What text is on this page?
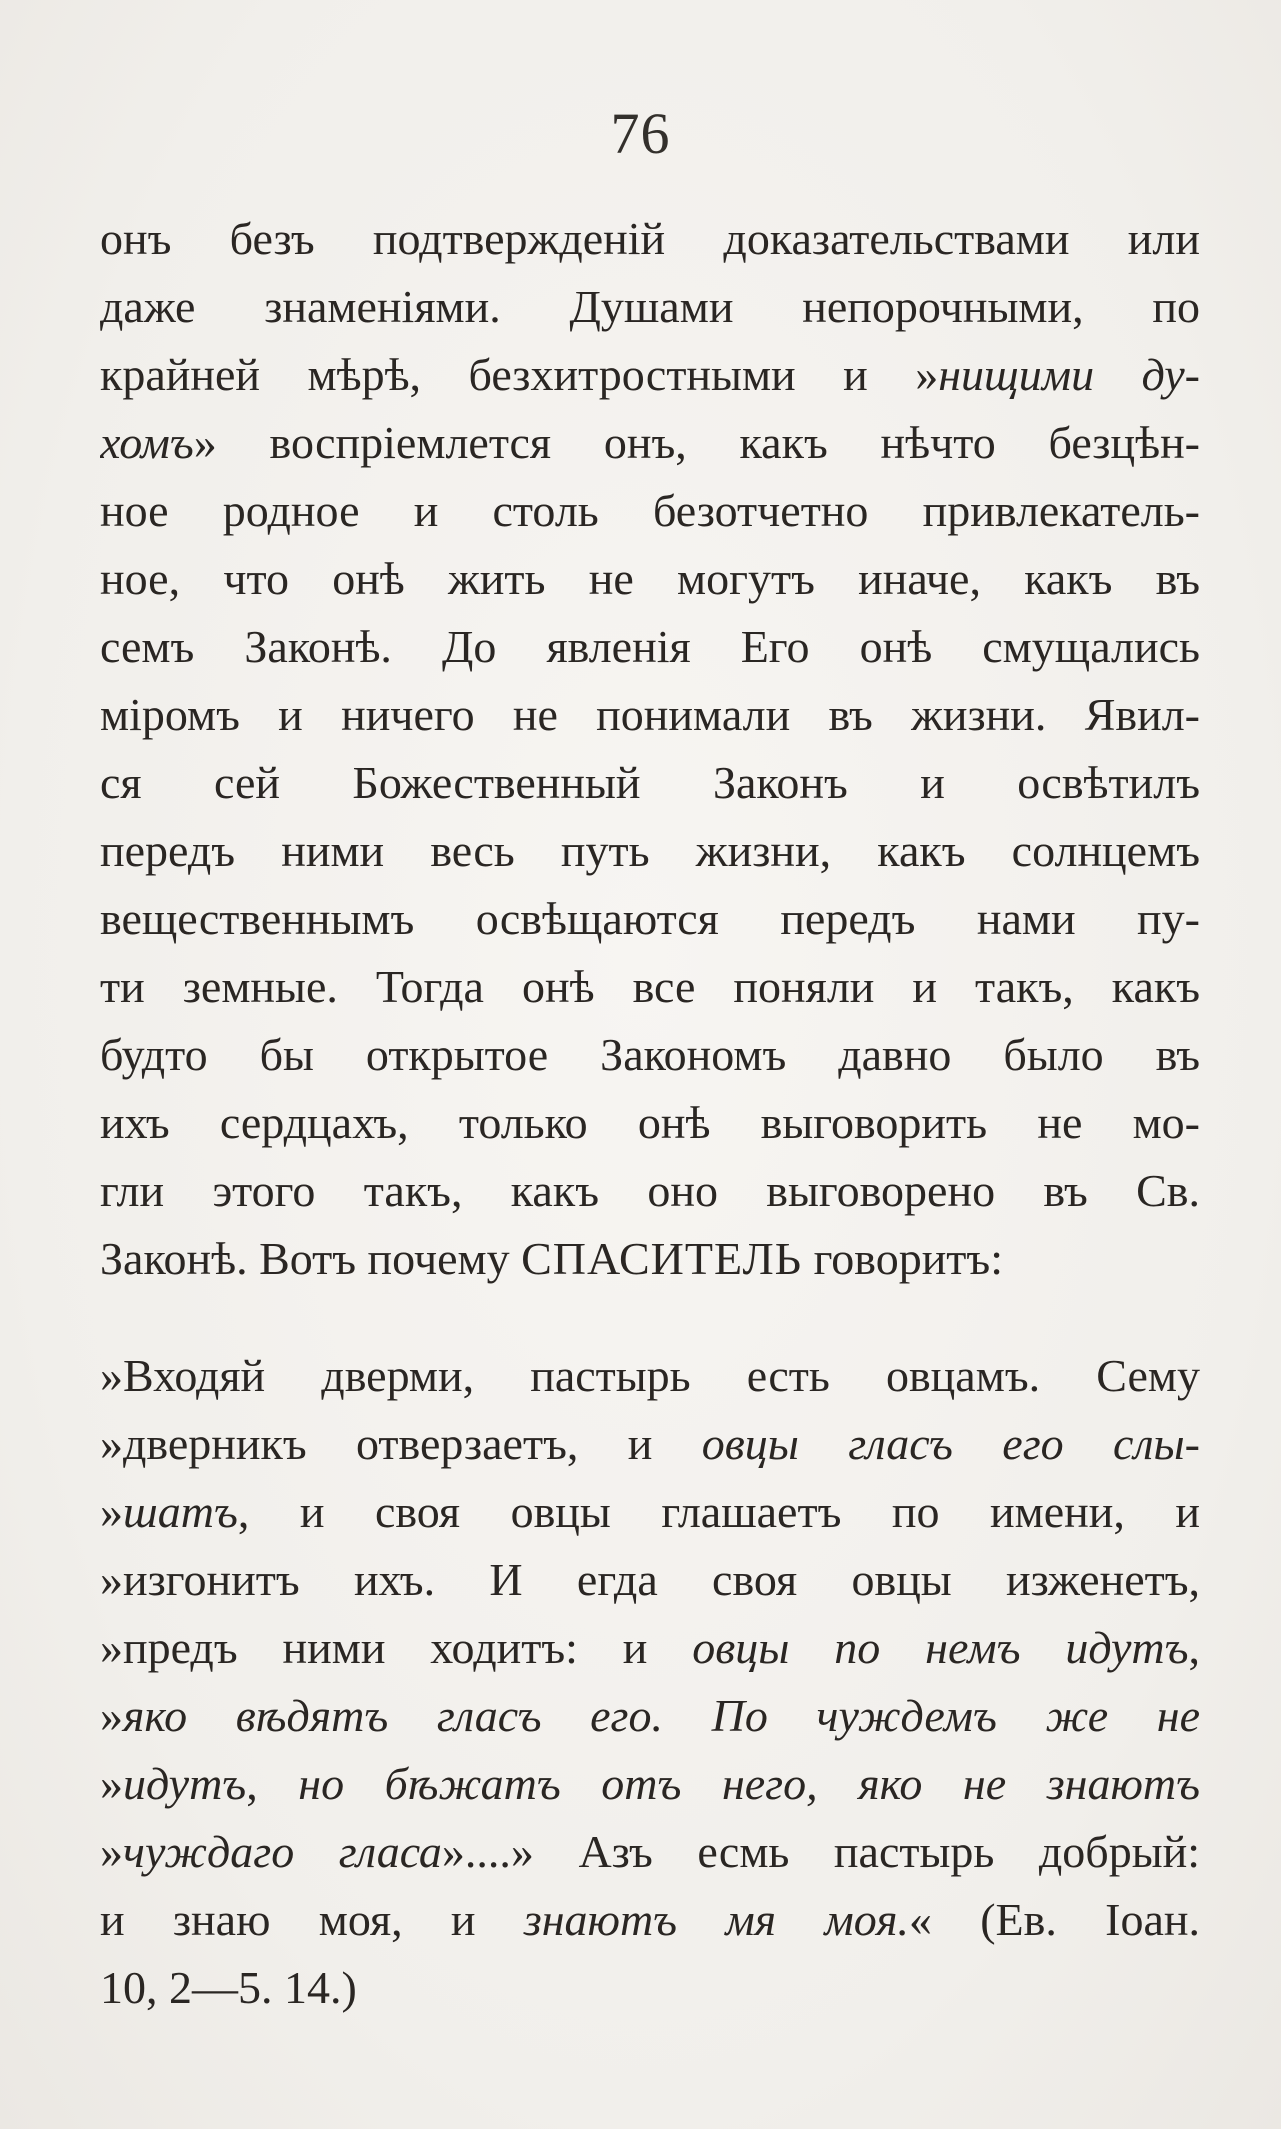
76
онъ безъ подтвержденій доказательствами или
даже знаменіями. Душами непорочными, по
крайней мѣрѣ, безхитростными и »нищими ду-
хомъ» воспріемлется онъ, какъ нѣчто безцѣн-
ное родное и столь безотчетно привлекатель-
ное, что онѣ жить не могутъ иначе, какъ въ
семъ Законѣ. До явленія Его онѣ смущались
міромъ и ничего не понимали въ жизни. Явил-
ся сей Божественный Законъ и освѣтилъ
передъ ними весь путь жизни, какъ солнцемъ
вещественнымъ освѣщаются передъ нами пу-
ти земные. Тогда онѣ все поняли и такъ, какъ
будто бы открытое Закономъ давно было въ
ихъ сердцахъ, только онѣ выговорить не мо-
гли этого такъ, какъ оно выговорено въ Св.
Законѣ. Вотъ почему СПАСИТЕЛЬ говоритъ:
»Входяй дверми, пастырь есть овцамъ. Сему
»дверникъ отверзаетъ, и овцы гласъ его слы-
»шатъ, и своя овцы глашаетъ по имени, и
»изгонитъ ихъ. И егда своя овцы изженетъ,
»предъ ними ходитъ: и овцы по немъ идутъ,
»яко вѣдятъ гласъ его. По чуждемъ же не
»идутъ, но бѣжатъ отъ него, яко не знаютъ
»чуждаго гласа»....» Азъ есмь пастырь добрый:
и знаю моя, и знаютъ мя моя.« (Ев. Іоан.
10, 2—5. 14.)
